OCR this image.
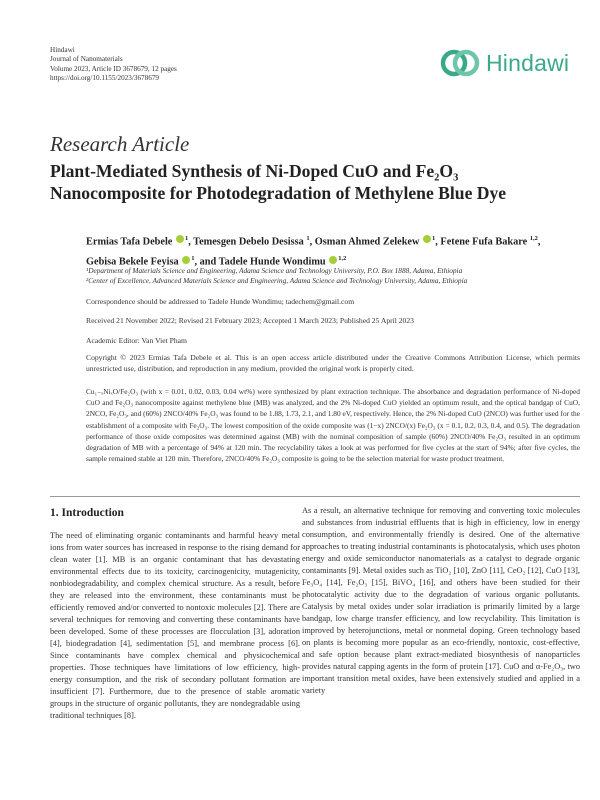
Hindawi
Journal of Nanomaterials
Volume 2023, Article ID 3678679, 12 pages
https://doi.org/10.1155/2023/3678679
Hindawi
Research Article
Plant-Mediated Synthesis of Ni-Doped CuO and Fe₂O₃ Nanocomposite for Photodegradation of Methylene Blue Dye
Ermias Tafa Debele $^1$, Temesgen Debelo Desissa $^1$, Osman Ahmed Zelekew $^1$, Fetene Fufa Bakare $^{1,2}$, Gebisa Bekele Feyisa $^1$, and Tadele Hunde Wondimu $^{1,2}$
¹Department of Materials Science and Engineering, Adama Science and Technology University, P.O. Box 1888, Adama, Ethiopia
²Center of Excellence, Advanced Materials Science and Engineering, Adama Science and Technology University, Adama, Ethiopia
Correspondence should be addressed to Tadele Hunde Wondimu; tadechem@gmail.com
Received 21 November 2022; Revised 21 February 2023; Accepted 1 March 2023; Published 25 April 2023
Academic Editor: Van Viet Pham
Copyright © 2023 Ermias Tafa Debele et al. This is an open access article distributed under the Creative Commons Attribution License, which permits unrestricted use, distribution, and reproduction in any medium, provided the original work is properly cited.
Cu₁₋ₓNiₓO/Fe₂O₃ (with x = 0.01, 0.02, 0.03, 0.04 wt%) were synthesized by plant extraction technique. The absorbance and degradation performance of Ni-doped CuO and Fe₂O₃ nanocomposite against methylene blue (MB) was analyzed, and the 2% Ni-doped CuO yielded an optimum result, and the optical bandgap of CuO, 2NCO, Fe₂O₃, and (60%) 2NCO/40% Fe₂O₃ was found to be 1.88, 1.73, 2.1, and 1.80 eV, respectively. Hence, the 2% Ni-doped CuO (2NCO) was further used for the establishment of a composite with Fe₂O₃. The lowest composition of the oxide composite was (1−x) 2NCO/(x) Fe₂O₃ (x = 0.1, 0.2, 0.3, 0.4, and 0.5). The degradation performance of those oxide composites was determined against (MB) with the nominal composition of sample (60%) 2NCO/40% Fe₂O₃ resulted in an optimum degradation of MB with a percentage of 94% at 120 min. The recyclability takes a look at was performed for five cycles at the start of 94%; after five cycles, the sample remained stable at 120 min. Therefore, 2NCO/40% Fe₂O₃ composite is going to be the selection material for waste product treatment.
1. Introduction

The need of eliminating organic contaminants and harmful heavy metal ions from water sources has increased in response to the rising demand for clean water [1]. MB is an organic contaminant that has devastating environmental effects due to its toxicity, carcinogenicity, mutagenicity, nonbiodegradability, and complex chemical structure. As a result, before they are released into the environment, these contaminants must be efficiently removed and/or converted to nontoxic molecules [2]. There are several techniques for removing and converting these contaminants have been developed. Some of these processes are flocculation [3], adoration [4], biodegradation [4], sedimentation [5], and membrane process [6]. Since contaminants have complex chemical and physicochemical properties. Those techniques have limitations of low efficiency, high-energy consumption, and the risk of secondary pollutant formation are insufficient [7]. Furthermore, due to the presence of stable aromatic groups in the structure of organic pollutants, they are nondegradable using traditional techniques [8].

As a result, an alternative technique for removing and converting toxic molecules and substances from industrial effluents that is high in efficiency, low in energy consumption, and environmentally friendly is desired. One of the alternative approaches to treating industrial contaminants is photocatalysis, which uses photon energy and oxide semiconductor nanomaterials as a catalyst to degrade organic contaminants [9]. Metal oxides such as TiO₂ [10], ZnO [11], CeO₂ [12], CuO [13], Fe₃O₄ [14], Fe₂O₃ [15], BiVO₄ [16], and others have been studied for their photocatalytic activity due to the degradation of various organic pollutants. Catalysis by metal oxides under solar irradiation is primarily limited by a large bandgap, low charge transfer efficiency, and low recyclability. This limitation is improved by heterojunctions, metal or nonmetal doping. Green technology based on plants is becoming more popular as an eco-friendly, nontoxic, cost-effective, and safe option because plant extract-mediated biosynthesis of nanoparticles provides natural capping agents in the form of protein [17]. CuO and α-Fe₂O₃, two important transition metal oxides, have been extensively studied and applied in a variety
